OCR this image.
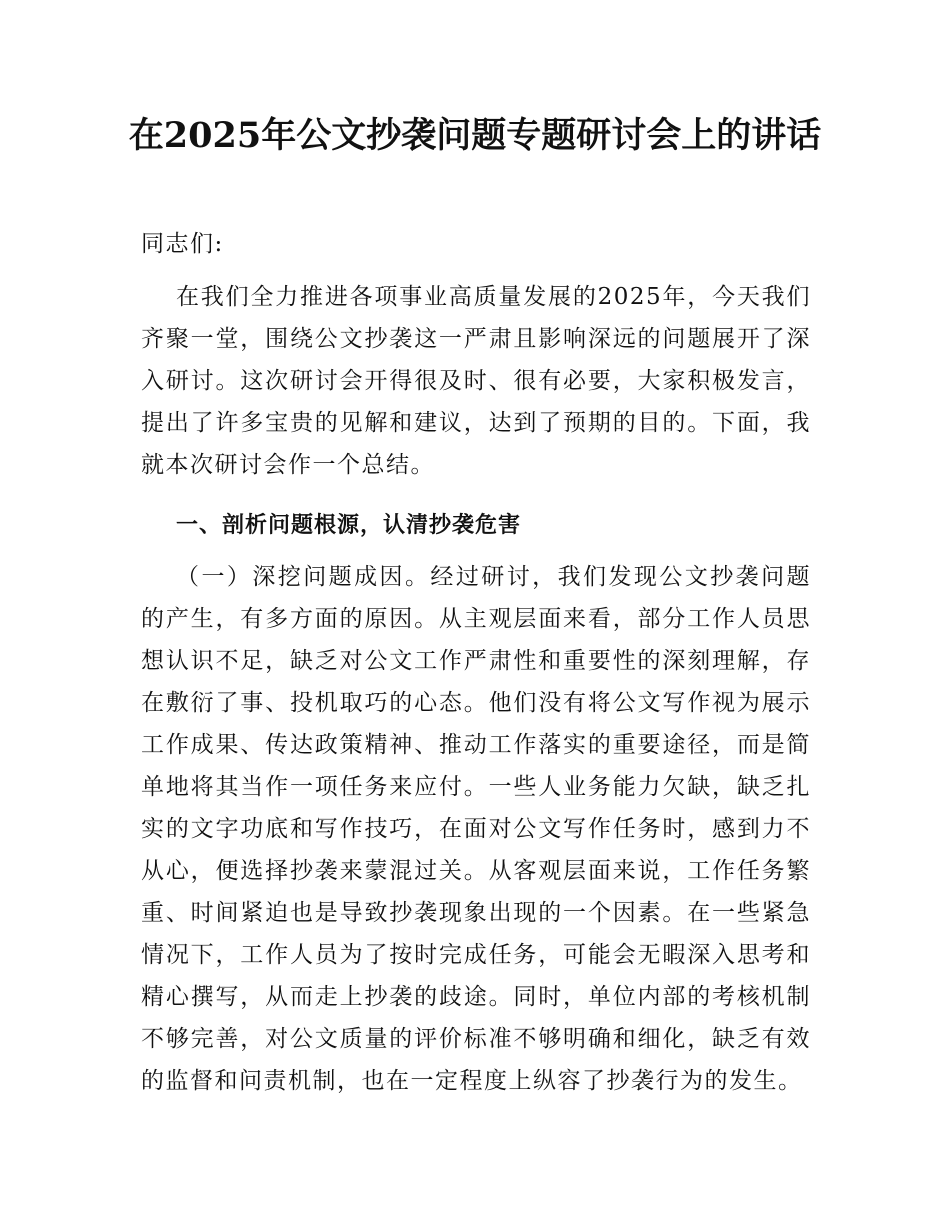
在2025年公文抄袭问题专题研讨会上的讲话

同志们:

在我们全力推进各项事业高质量发展的2025年，今天我们齐聚一堂，围绕公文抄袭这一严肃且影响深远的问题展开了深入研讨。这次研讨会开得很及时、很有必要，大家积极发言，提出了许多宝贵的见解和建议，达到了预期的目的。下面，我就本次研讨会作一个总结。

一、剖析问题根源，认清抄袭危害

（一）深挖问题成因。经过研讨，我们发现公文抄袭问题的产生，有多方面的原因。从主观层面来看，部分工作人员思想认识不足，缺乏对公文工作严肃性和重要性的深刻理解，存在敷衍了事、投机取巧的心态。他们没有将公文写作视为展示工作成果、传达政策精神、推动工作落实的重要途径，而是简单地将其当作一项任务来应付。一些人业务能力欠缺，缺乏扎实的文字功底和写作技巧，在面对公文写作任务时，感到力不从心，便选择抄袭来蒙混过关。从客观层面来说，工作任务繁重、时间紧迫也是导致抄袭现象出现的一个因素。在一些紧急情况下，工作人员为了按时完成任务，可能会无暇深入思考和精心撰写，从而走上抄袭的歧途。同时，单位内部的考核机制不够完善，对公文质量的评价标准不够明确和细化，缺乏有效的监督和问责机制，也在一定程度上纵容了抄袭行为的发生。
